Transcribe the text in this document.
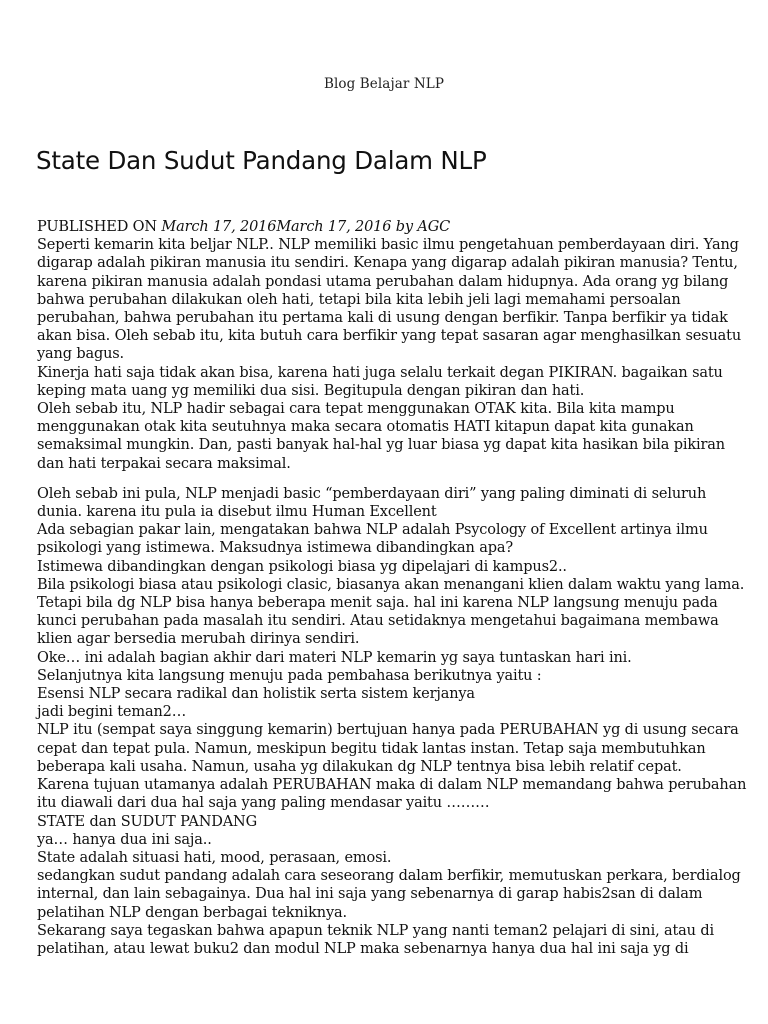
Blog Belajar NLP
State Dan Sudut Pandang Dalam NLP

PUBLISHED ON March 17, 2016March 17, 2016 by AGC

Seperti kemarin kita beljar NLP.. NLP memiliki basic ilmu pengetahuan pemberdayaan diri. Yang digarap adalah pikiran manusia itu sendiri. Kenapa yang digarap adalah pikiran manusia? Tentu, karena pikiran manusia adalah pondasi utama perubahan dalam hidupnya. Ada orang yg bilang bahwa perubahan dilakukan oleh hati, tetapi bila kita lebih jeli lagi memahami persoalan perubahan, bahwa perubahan itu pertama kali di usung dengan berfikir. Tanpa berfikir ya tidak akan bisa. Oleh sebab itu, kita butuh cara berfikir yang tepat sasaran agar menghasilkan sesuatu yang bagus.

Kinerja hati saja tidak akan bisa, karena hati juga selalu terkait degan PIKIRAN. bagaikan satu keping mata uang yg memiliki dua sisi. Begitupula dengan pikiran dan hati.

Oleh sebab itu, NLP hadir sebagai cara tepat menggunakan OTAK kita. Bila kita mampu menggunakan otak kita seutuhnya maka secara otomatis HATI kitapun dapat kita gunakan semaksimal mungkin. Dan, pasti banyak hal-hal yg luar biasa yg dapat kita hasikan bila pikiran dan hati terpakai secara maksimal.

Oleh sebab ini pula, NLP menjadi basic “pemberdayaan diri” yang paling diminati di seluruh dunia. karena itu pula ia disebut ilmu Human Excellent

Ada sebagian pakar lain, mengatakan bahwa NLP adalah Psycology of Excellent artinya ilmu psikologi yang istimewa. Maksudnya istimewa dibandingkan apa?

Istimewa dibandingkan dengan psikologi biasa yg dipelajari di kampus2..

Bila psikologi biasa atau psikologi clasic, biasanya akan menangani klien dalam waktu yang lama. Tetapi bila dg NLP bisa hanya beberapa menit saja. hal ini karena NLP langsung menuju pada kunci perubahan pada masalah itu sendiri. Atau setidaknya mengetahui bagaimana membawa klien agar bersedia merubah dirinya sendiri.

Oke… ini adalah bagian akhir dari materi NLP kemarin yg saya tuntaskan hari ini.

Selanjutnya kita langsung menuju pada pembahasa berikutnya yaitu :

Esensi NLP secara radikal dan holistik serta sistem kerjanya

jadi begini teman2…

NLP itu (sempat saya singgung kemarin) bertujuan hanya pada PERUBAHAN yg di usung secara cepat dan tepat pula. Namun, meskipun begitu tidak lantas instan. Tetap saja membutuhkan beberapa kali usaha. Namun, usaha yg dilakukan dg NLP tentnya bisa lebih relatif cepat.

Karena tujuan utamanya adalah PERUBAHAN maka di dalam NLP memandang bahwa perubahan itu diawali dari dua hal saja yang paling mendasar yaitu ………

STATE dan SUDUT PANDANG

ya… hanya dua ini saja..

State adalah situasi hati, mood, perasaan, emosi.

sedangkan sudut pandang adalah cara seseorang dalam berfikir, memutuskan perkara, berdialog internal, dan lain sebagainya. Dua hal ini saja yang sebenarnya di garap habis2san di dalam pelatihan NLP dengan berbagai tekniknya.

Sekarang saya tegaskan bahwa apapun teknik NLP yang nanti teman2 pelajari di sini, atau di pelatihan, atau lewat buku2 dan modul NLP maka sebenarnya hanya dua hal ini saja yg di
